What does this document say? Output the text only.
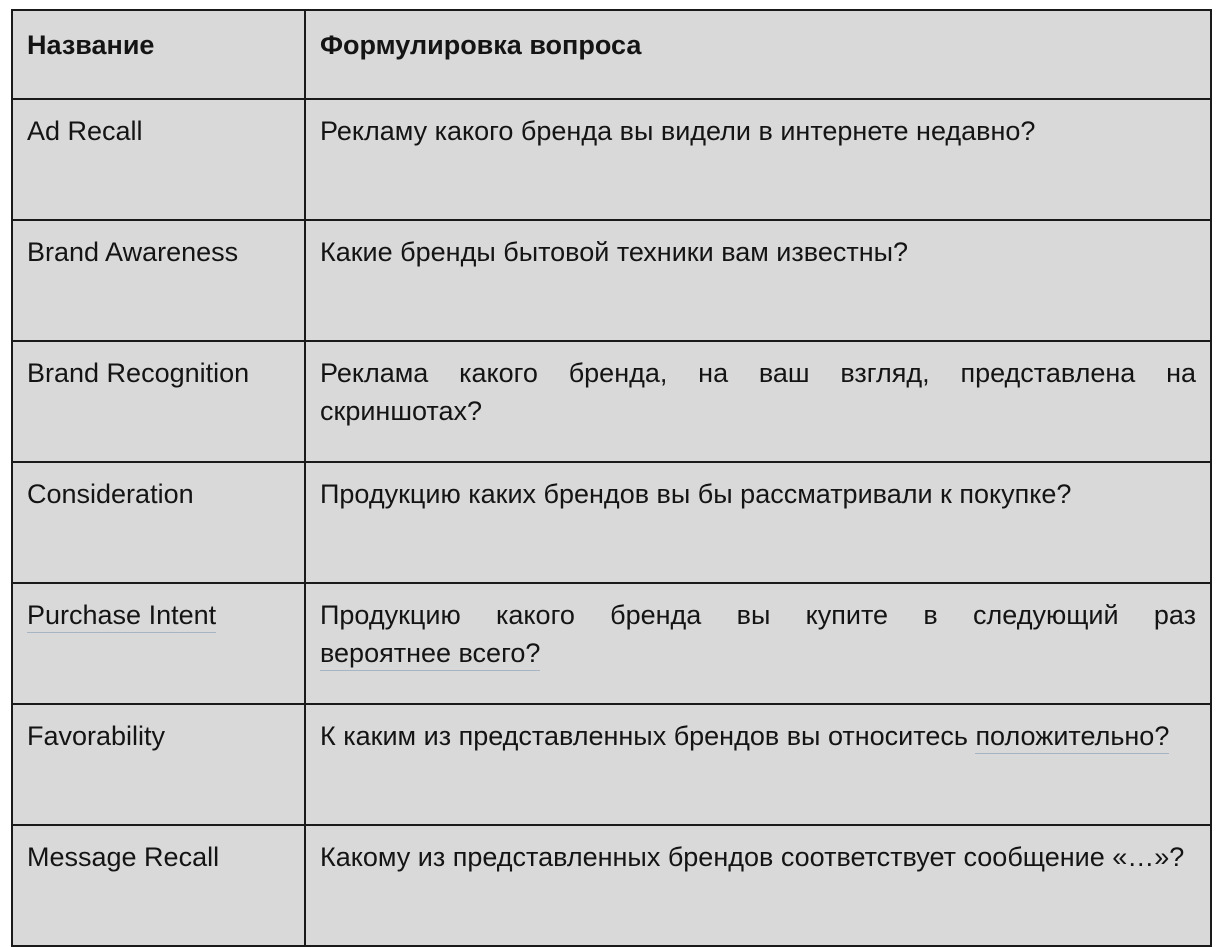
Название	Формулировка вопроса
Ad Recall	Рекламу какого бренда вы видели в интернете недавно?
Brand Awareness	Какие бренды бытовой техники вам известны?
Brand Recognition	Реклама какого бренда, на ваш взгляд, представлена на скриншотах?
Consideration	Продукцию каких брендов вы бы рассматривали к покупке?
Purchase Intent	Продукцию какого бренда вы купите в следующий раз вероятнее всего?
Favorability	К каким из представленных брендов вы относитесь положительно?
Message Recall	Какому из представленных брендов соответствует сообщение «…»?
